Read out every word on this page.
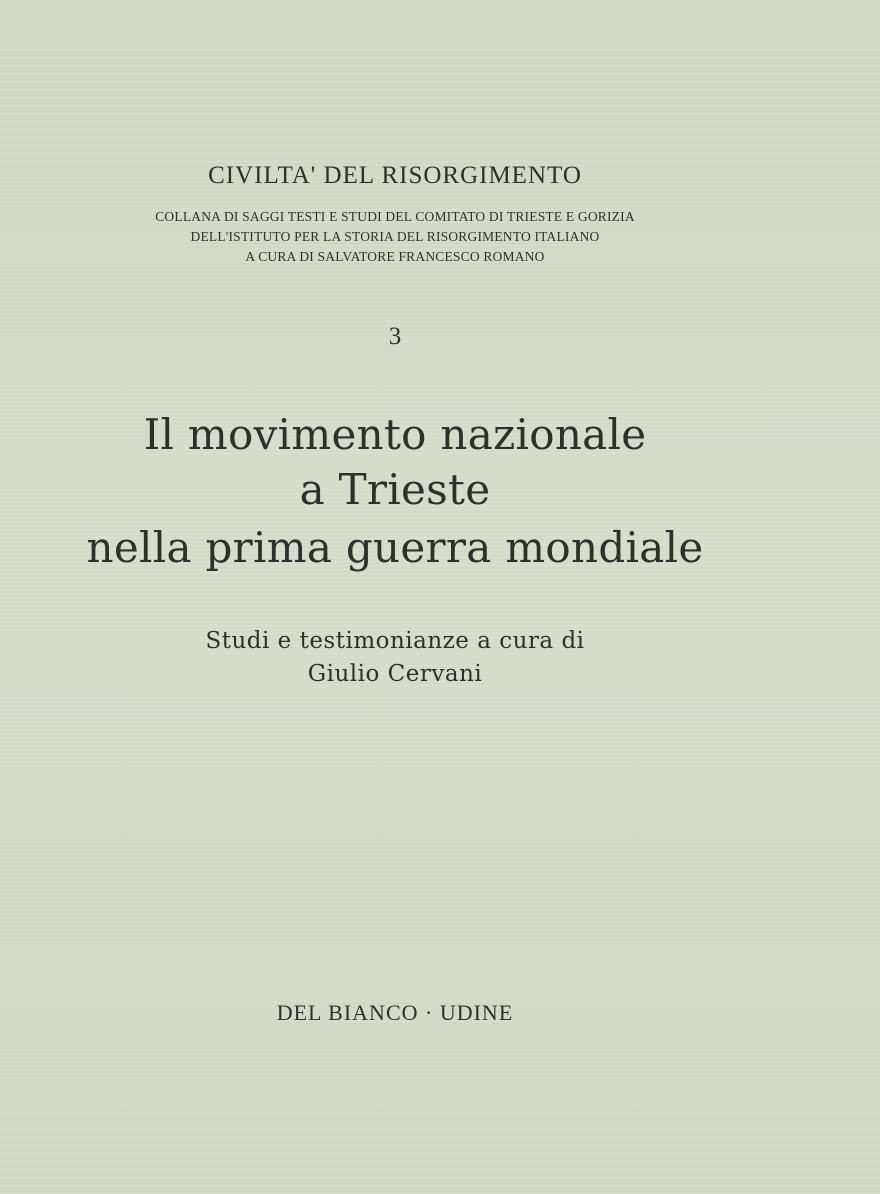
CIVILTA' DEL RISORGIMENTO
COLLANA DI SAGGI TESTI E STUDI DEL COMITATO DI TRIESTE E GORIZIA
DELL'ISTITUTO PER LA STORIA DEL RISORGIMENTO ITALIANO
A CURA DI SALVATORE FRANCESCO ROMANO
3
Il movimento nazionale
a Trieste
nella prima guerra mondiale
Studi e testimonianze a cura di
Giulio Cervani
DEL BIANCO · UDINE
